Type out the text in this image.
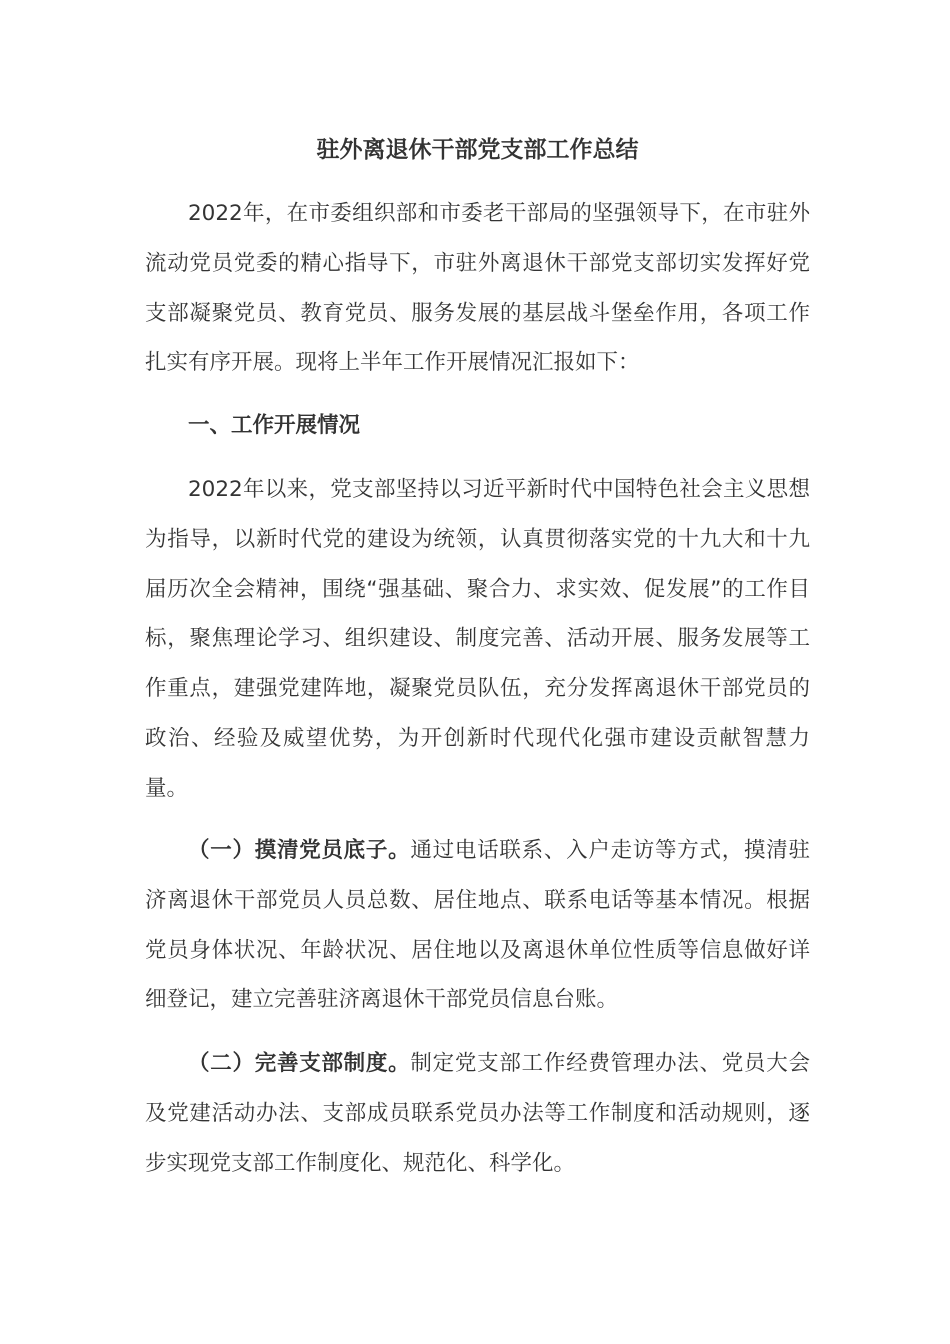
驻外离退休干部党支部工作总结

2022年，在市委组织部和市委老干部局的坚强领导下，在市驻外流动党员党委的精心指导下，市驻外离退休干部党支部切实发挥好党支部凝聚党员、教育党员、服务发展的基层战斗堡垒作用，各项工作扎实有序开展。现将上半年工作开展情况汇报如下：

一、工作开展情况

2022年以来，党支部坚持以习近平新时代中国特色社会主义思想为指导，以新时代党的建设为统领，认真贯彻落实党的十九大和十九届历次全会精神，围绕“强基础、聚合力、求实效、促发展”的工作目标，聚焦理论学习、组织建设、制度完善、活动开展、服务发展等工作重点，建强党建阵地，凝聚党员队伍，充分发挥离退休干部党员的政治、经验及威望优势，为开创新时代现代化强市建设贡献智慧力量。

（一）摸清党员底子。通过电话联系、入户走访等方式，摸清驻济离退休干部党员人员总数、居住地点、联系电话等基本情况。根据党员身体状况、年龄状况、居住地以及离退休单位性质等信息做好详细登记，建立完善驻济离退休干部党员信息台账。

（二）完善支部制度。制定党支部工作经费管理办法、党员大会及党建活动办法、支部成员联系党员办法等工作制度和活动规则，逐步实现党支部工作制度化、规范化、科学化。
